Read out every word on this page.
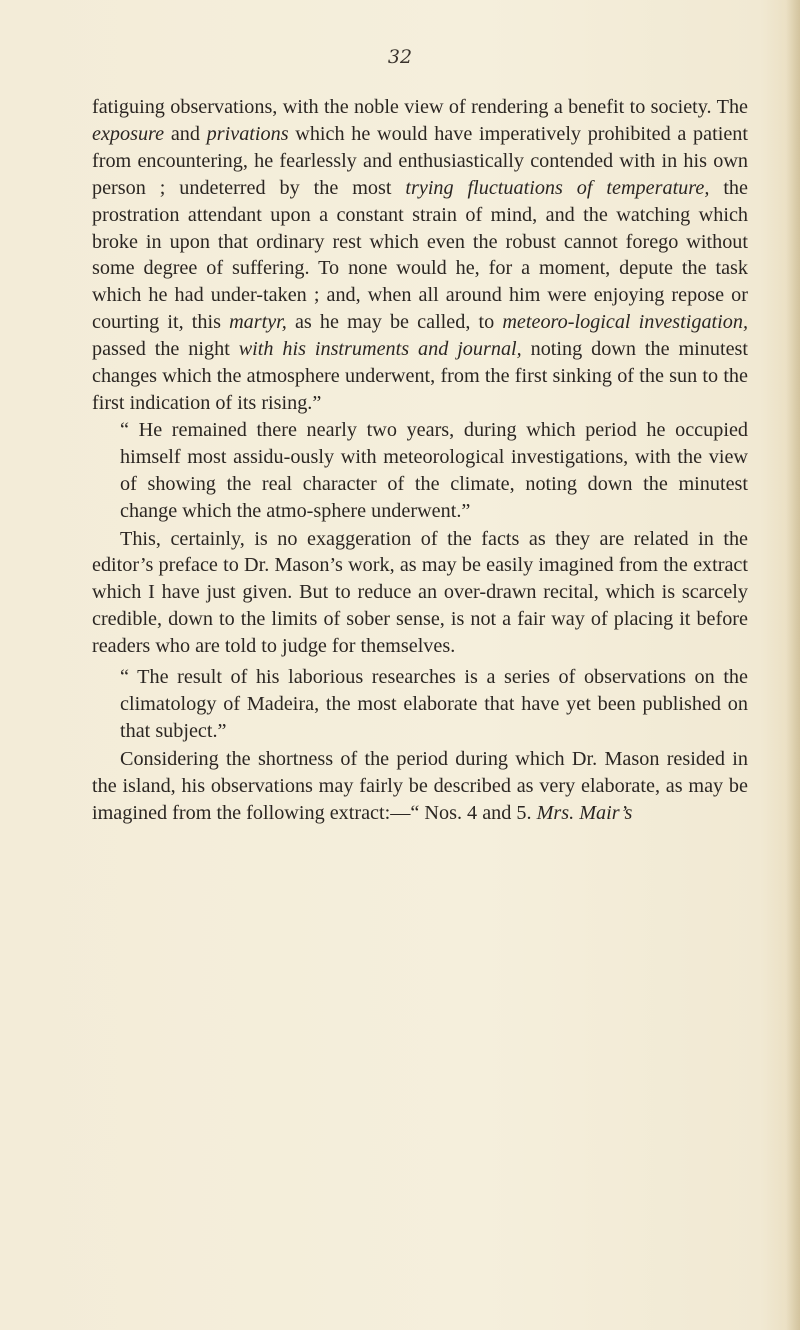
32

fatiguing observations, with the noble view of rendering a benefit to society. The exposure and privations which he would have imperatively prohibited a patient from encountering, he fearlessly and enthusiastically contended with in his own person ; undeterred by the most trying fluctuations of temperature, the prostration attendant upon a constant strain of mind, and the watching which broke in upon that ordinary rest which even the robust cannot forego without some degree of suffering. To none would he, for a moment, depute the task which he had under-taken ; and, when all around him were enjoying repose or courting it, this martyr, as he may be called, to meteoro-logical investigation, passed the night with his instruments and journal, noting down the minutest changes which the atmosphere underwent, from the first sinking of the sun to the first indication of its rising.”

“ He remained there nearly two years, during which period he occupied himself most assidu-ously with meteorological investigations, with the view of showing the real character of the climate, noting down the minutest change which the atmo-sphere underwent.”

This, certainly, is no exaggeration of the facts as they are related in the editor’s preface to Dr. Mason’s work, as may be easily imagined from the extract which I have just given. But to reduce an over-drawn recital, which is scarcely credible, down to the limits of sober sense, is not a fair way of placing it before readers who are told to judge for themselves.

“ The result of his laborious researches is a series of observations on the climatology of Madeira, the most elaborate that have yet been published on that subject.”

Considering the shortness of the period during which Dr. Mason resided in the island, his observations may fairly be described as very elaborate, as may be imagined from the following extract:—“ Nos. 4 and 5. Mrs. Mair’s
